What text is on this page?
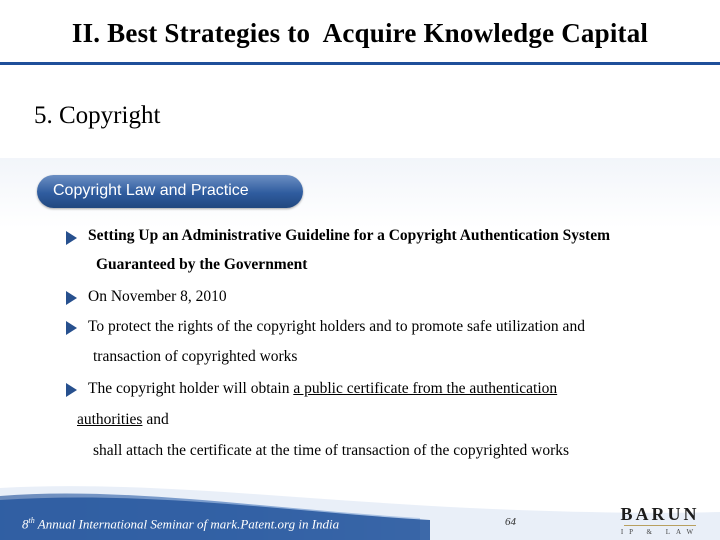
II. Best Strategies to  Acquire Knowledge Capital
5. Copyright
Copyright Law and Practice
Setting Up an Administrative Guideline for a Copyright Authentication System
Guaranteed by the Government
On November 8, 2010
To protect the rights of the copyright holders and to promote safe utilization and
transaction of copyrighted works
The copyright holder will obtain a public certificate from the authentication
authorities and
shall attach the certificate at the time of transaction of the copyrighted works
8th Annual International Seminar of mark.Patent.org in India	64	BARUN
IP & LAW
